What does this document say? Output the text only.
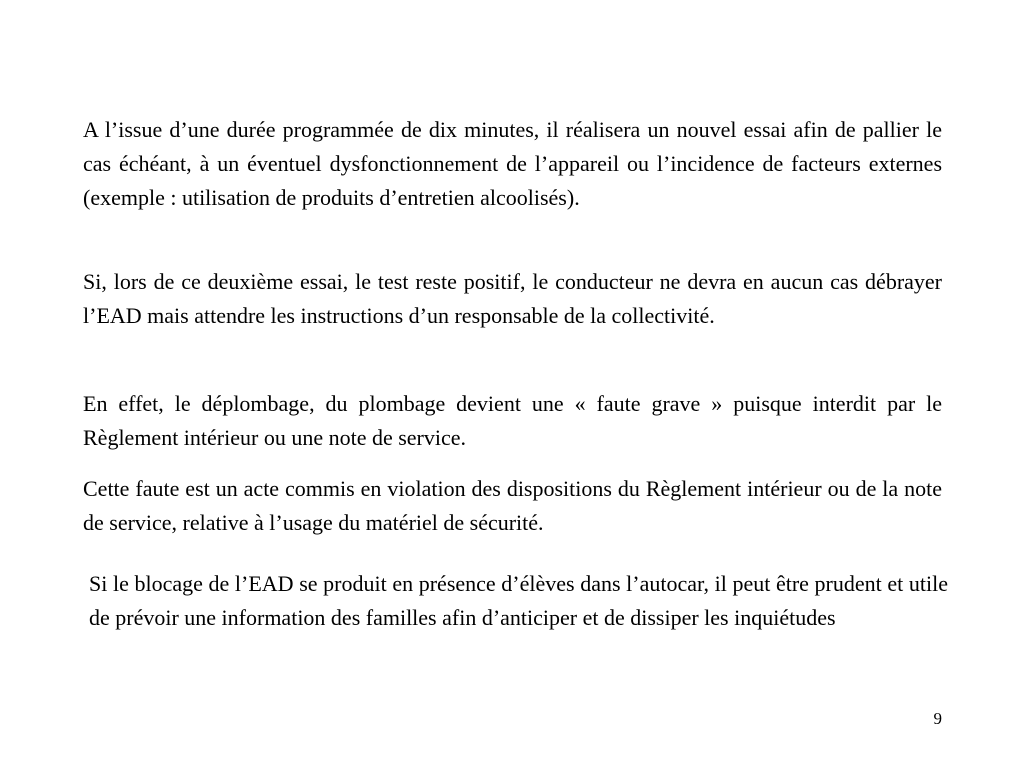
A l’issue d’une durée programmée de dix minutes, il réalisera un nouvel essai afin de pallier le cas échéant, à un éventuel dysfonctionnement de l’appareil ou l’incidence de facteurs externes (exemple : utilisation de produits d’entretien alcoolisés).

Si, lors de ce deuxième essai, le test reste positif, le conducteur ne devra en aucun cas débrayer l’EAD mais attendre les instructions d’un responsable de la collectivité.

En effet, le déplombage, du plombage devient une « faute grave » puisque interdit par le Règlement intérieur ou une note de service.

Cette faute est un acte commis en violation des dispositions du Règlement intérieur ou de la note de service, relative à l’usage du matériel de sécurité.

Si le blocage de l’EAD se produit en présence d’élèves dans l’autocar, il peut être prudent et utile de prévoir une information des familles afin d’anticiper et de dissiper les inquiétudes

9
